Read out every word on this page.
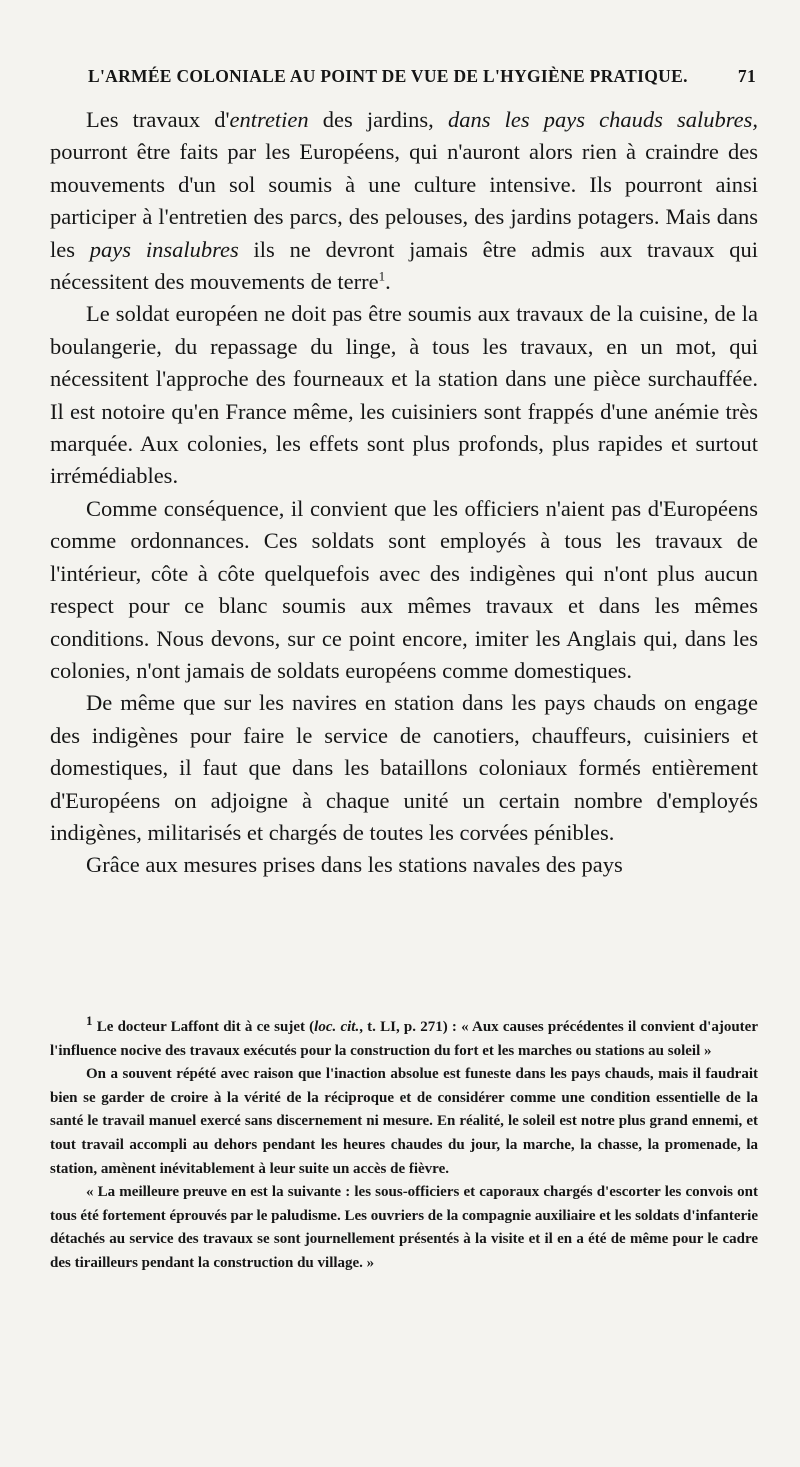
L'ARMÉE COLONIALE AU POINT DE VUE DE L'HYGIÈNE PRATIQUE.	71

Les travaux d'entretien des jardins, dans les pays chauds salubres, pourront être faits par les Européens, qui n'auront alors rien à craindre des mouvements d'un sol soumis à une culture intensive. Ils pourront ainsi participer à l'entretien des parcs, des pelouses, des jardins potagers. Mais dans les pays insalubres ils ne devront jamais être admis aux travaux qui nécessitent des mouvements de terre$^1$.

Le soldat européen ne doit pas être soumis aux travaux de la cuisine, de la boulangerie, du repassage du linge, à tous les travaux, en un mot, qui nécessitent l'approche des fourneaux et la station dans une pièce surchauffée. Il est notoire qu'en France même, les cuisiniers sont frappés d'une anémie très marquée. Aux colonies, les effets sont plus profonds, plus rapides et surtout irrémédiables.

Comme conséquence, il convient que les officiers n'aient pas d'Européens comme ordonnances. Ces soldats sont employés à tous les travaux de l'intérieur, côte à côte quelquefois avec des indigènes qui n'ont plus aucun respect pour ce blanc soumis aux mêmes travaux et dans les mêmes conditions. Nous devons, sur ce point encore, imiter les Anglais qui, dans les colonies, n'ont jamais de soldats européens comme domestiques.

De même que sur les navires en station dans les pays chauds on engage des indigènes pour faire le service de canotiers, chauffeurs, cuisiniers et domestiques, il faut que dans les bataillons coloniaux formés entièrement d'Européens on adjoigne à chaque unité un certain nombre d'employés indigènes, militarisés et chargés de toutes les corvées pénibles.

Grâce aux mesures prises dans les stations navales des pays

$^1$ Le docteur Laffont dit à ce sujet (loc. cit., t. LI, p. 271) : « Aux causes précédentes il convient d'ajouter l'influence nocive des travaux exécutés pour la construction du fort et les marches ou stations au soleil »

On a souvent répété avec raison que l'inaction absolue est funeste dans les pays chauds, mais il faudrait bien se garder de croire à la vérité de la réciproque et de considérer comme une condition essentielle de la santé le travail manuel exercé sans discernement ni mesure. En réalité, le soleil est notre plus grand ennemi, et tout travail accompli au dehors pendant les heures chaudes du jour, la marche, la chasse, la promenade, la station, amènent inévitablement à leur suite un accès de fièvre.

« La meilleure preuve en est la suivante : les sous-officiers et caporaux chargés d'escorter les convois ont tous été fortement éprouvés par le paludisme. Les ouvriers de la compagnie auxiliaire et les soldats d'infanterie détachés au service des travaux se sont journellement présentés à la visite et il en a été de même pour le cadre des tirailleurs pendant la construction du village. »
